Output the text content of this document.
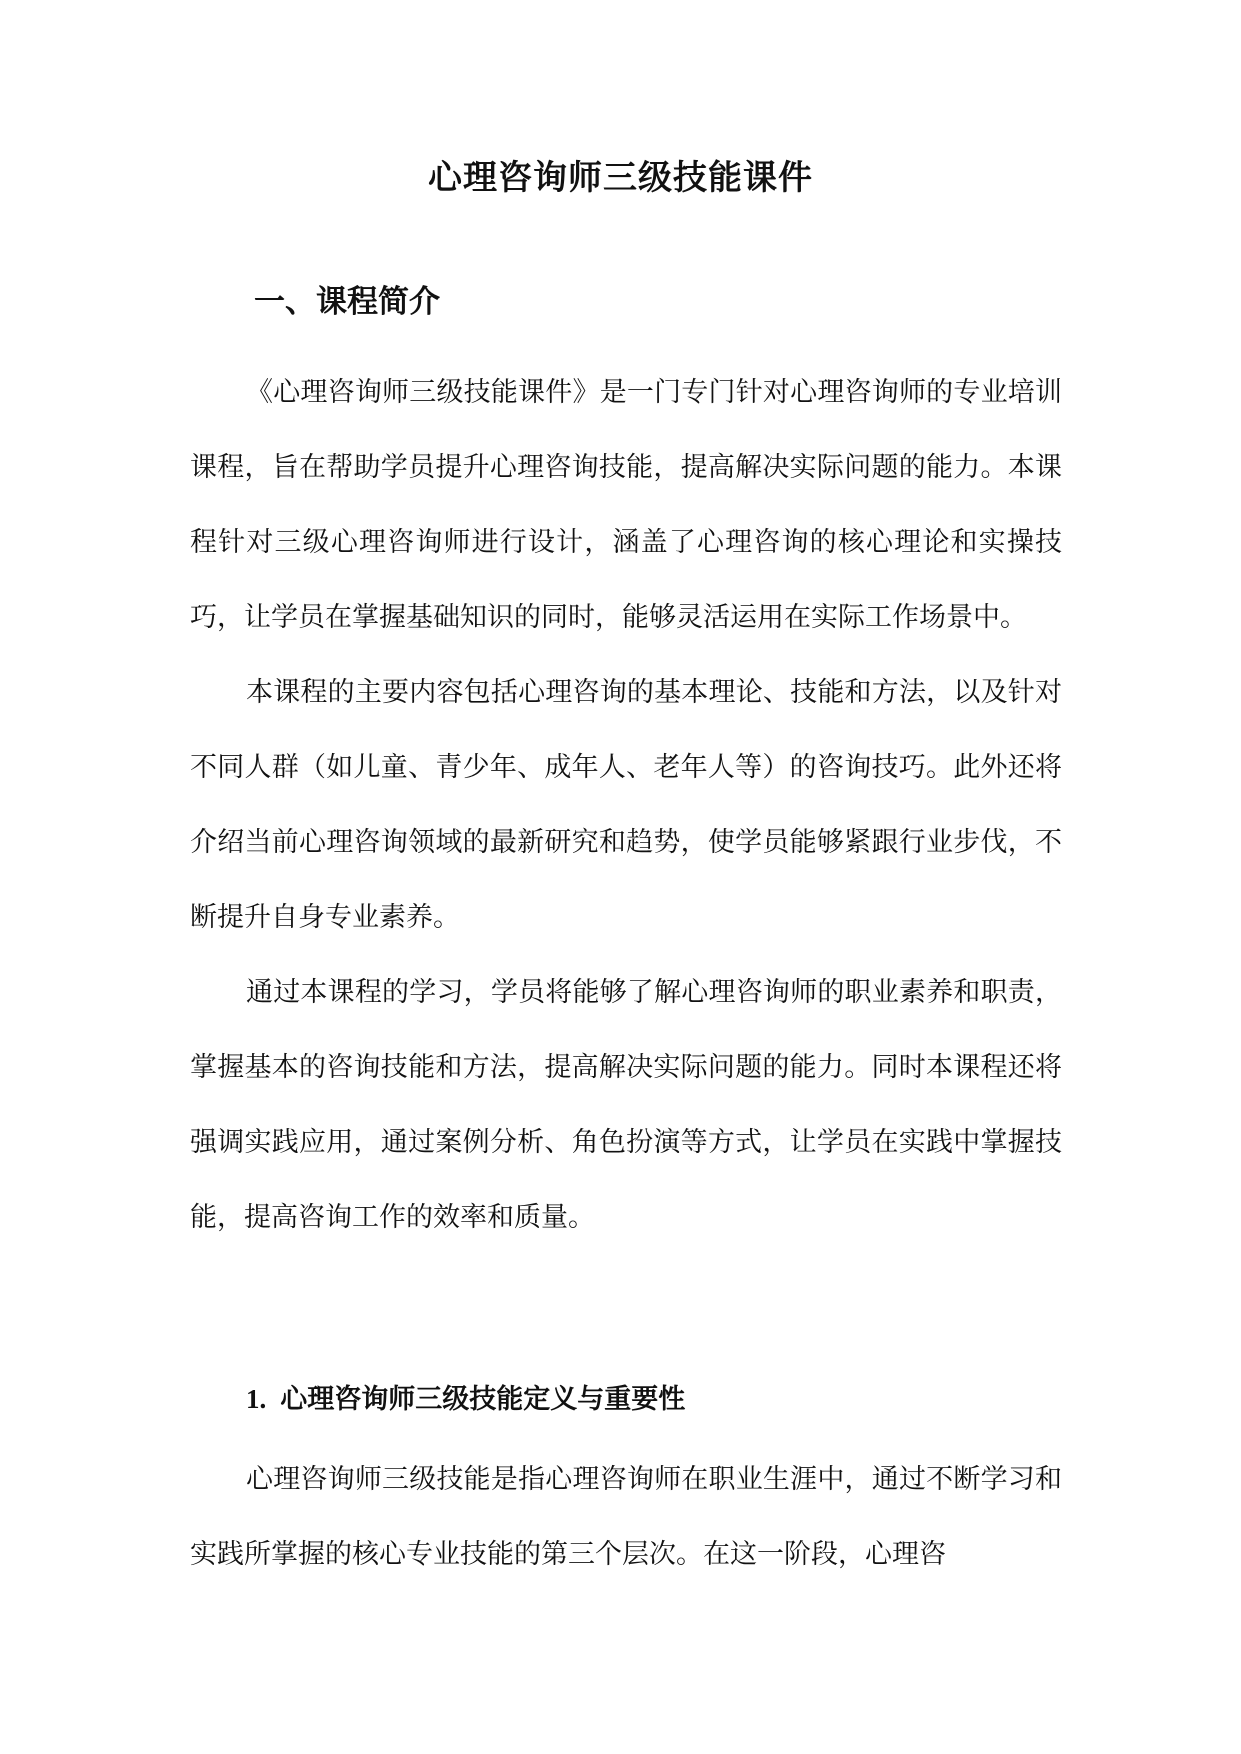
心理咨询师三级技能课件
一、课程简介

《心理咨询师三级技能课件》是一门专门针对心理咨询师的专业培训课程，旨在帮助学员提升心理咨询技能，提高解决实际问题的能力。本课程针对三级心理咨询师进行设计，涵盖了心理咨询的核心理论和实操技巧，让学员在掌握基础知识的同时，能够灵活运用在实际工作场景中。

本课程的主要内容包括心理咨询的基本理论、技能和方法，以及针对不同人群（如儿童、青少年、成年人、老年人等）的咨询技巧。此外还将介绍当前心理咨询领域的最新研究和趋势，使学员能够紧跟行业步伐，不断提升自身专业素养。

通过本课程的学习，学员将能够了解心理咨询师的职业素养和职责，掌握基本的咨询技能和方法，提高解决实际问题的能力。同时本课程还将强调实践应用，通过案例分析、角色扮演等方式，让学员在实践中掌握技能，提高咨询工作的效率和质量。

1. 心理咨询师三级技能定义与重要性

心理咨询师三级技能是指心理咨询师在职业生涯中，通过不断学习和实践所掌握的核心专业技能的第三个层次。在这一阶段，心理咨
